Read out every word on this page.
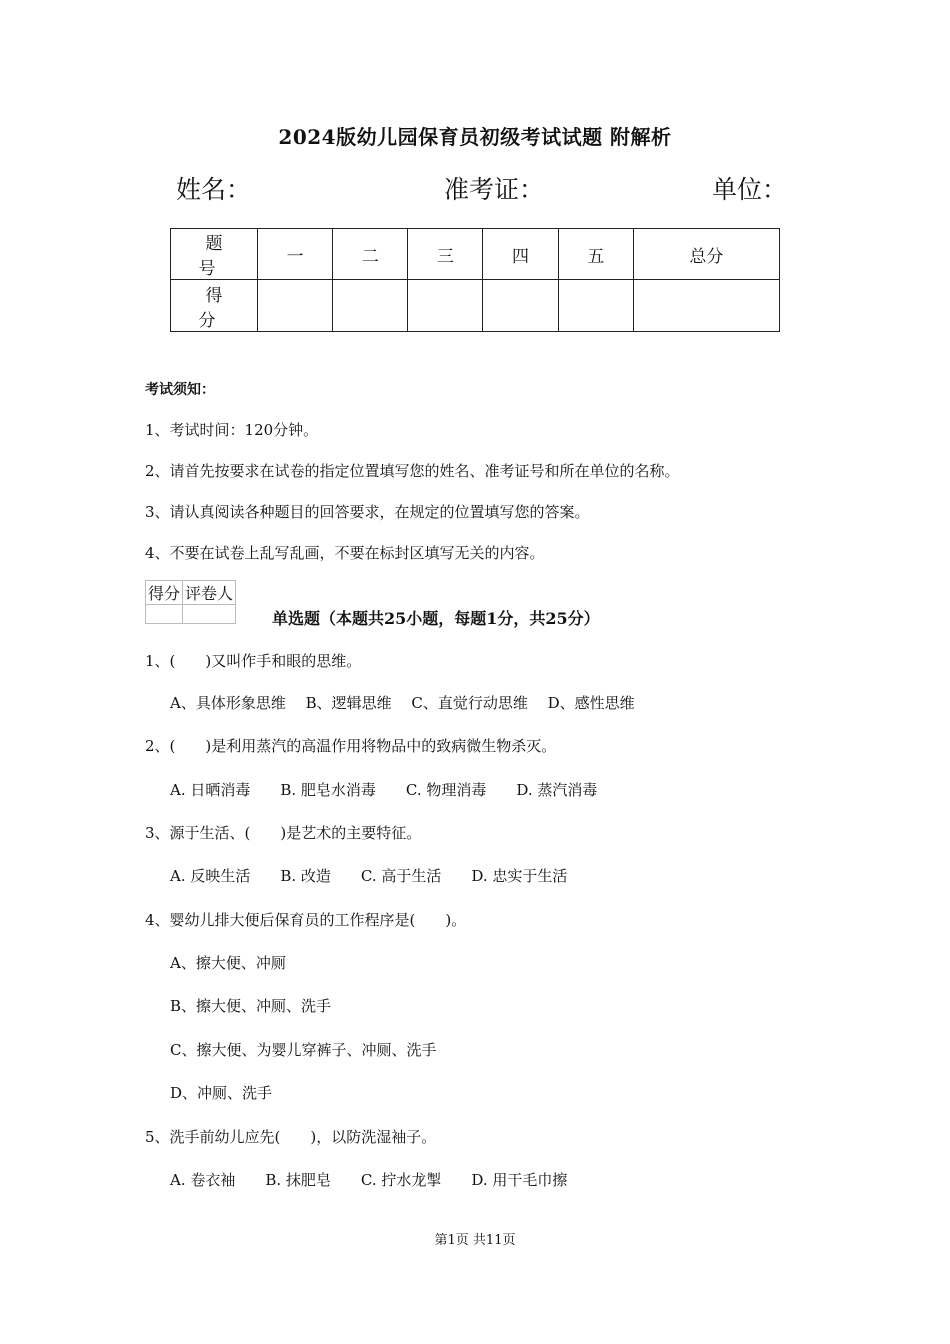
2024版幼儿园保育员初级考试试题 附解析
姓名：	准考证：	单位：
题　号	一	二	三	四	五	总分
得　分						
考试须知：
1、考试时间：120分钟。
2、请首先按要求在试卷的指定位置填写您的姓名、准考证号和所在单位的名称。
3、请认真阅读各种题目的回答要求，在规定的位置填写您的答案。
4、不要在试卷上乱写乱画，不要在标封区填写无关的内容。
得分	评卷人

单选题（本题共25小题，每题1分，共25分）
1、(　　)又叫作手和眼的思维。
A、具体形象思维　 B、逻辑思维　 C、直觉行动思维　 D、感性思维
2、(　　)是利用蒸汽的高温作用将物品中的致病微生物杀灭。
A. 日晒消毒　　B. 肥皂水消毒　　C. 物理消毒　　D. 蒸汽消毒
3、源于生活、(　　)是艺术的主要特征。
A. 反映生活　　B. 改造　　C. 高于生活　　D. 忠实于生活
4、婴幼儿排大便后保育员的工作程序是(　　)。
A、擦大便、冲厕
B、擦大便、冲厕、洗手
C、擦大便、为婴儿穿裤子、冲厕、洗手
D、冲厕、洗手
5、洗手前幼儿应先(　　)，以防洗湿袖子。
A. 卷衣袖　　B. 抹肥皂　　C. 拧水龙掣　　D. 用干毛巾擦
第1页 共11页
